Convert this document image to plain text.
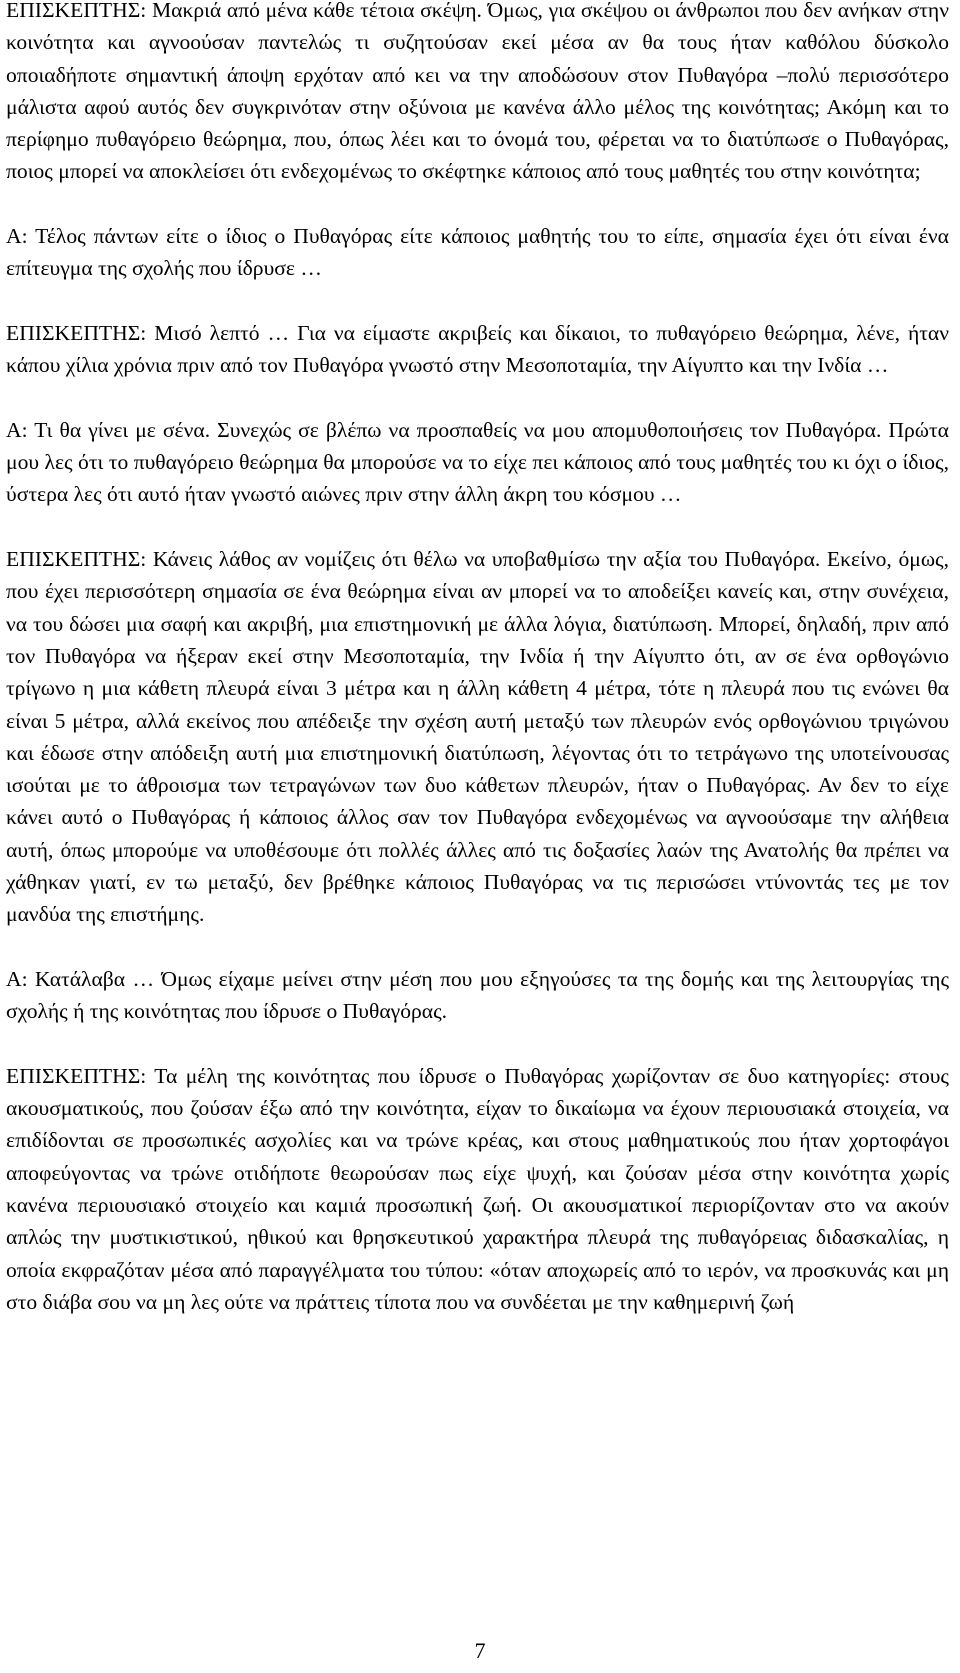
ΕΠΙΣΚΕΠΤΗΣ: Μακριά από μένα κάθε τέτοια σκέψη. Όμως, για σκέψου οι άνθρωποι που δεν ανήκαν στην κοινότητα και αγνοούσαν παντελώς τι συζητούσαν εκεί μέσα αν θα τους ήταν καθόλου δύσκολο οποιαδήποτε σημαντική άποψη ερχόταν από κει να την αποδώσουν στον Πυθαγόρα –πολύ περισσότερο μάλιστα αφού αυτός δεν συγκρινόταν στην οξύνοια με κανένα άλλο μέλος της κοινότητας; Ακόμη και το περίφημο πυθαγόρειο θεώρημα, που, όπως λέει και το όνομά του, φέρεται να το διατύπωσε ο Πυθαγόρας, ποιος μπορεί να αποκλείσει ότι ενδεχομένως το σκέφτηκε κάποιος από τους μαθητές του στην κοινότητα;

Α: Τέλος πάντων είτε ο ίδιος ο Πυθαγόρας είτε κάποιος μαθητής του το είπε, σημασία έχει ότι είναι ένα επίτευγμα της σχολής που ίδρυσε …

ΕΠΙΣΚΕΠΤΗΣ: Μισό λεπτό … Για να είμαστε ακριβείς και δίκαιοι, το πυθαγόρειο θεώρημα, λένε, ήταν κάπου χίλια χρόνια πριν από τον Πυθαγόρα γνωστό στην Μεσοποταμία, την Αίγυπτο και την Ινδία …

Α: Τι θα γίνει με σένα. Συνεχώς σε βλέπω να προσπαθείς να μου απομυθοποιήσεις τον Πυθαγόρα. Πρώτα μου λες ότι το πυθαγόρειο θεώρημα θα μπορούσε να το είχε πει κάποιος από τους μαθητές του κι όχι ο ίδιος, ύστερα λες ότι αυτό ήταν γνωστό αιώνες πριν στην άλλη άκρη του κόσμου …

ΕΠΙΣΚΕΠΤΗΣ: Κάνεις λάθος αν νομίζεις ότι θέλω να υποβαθμίσω την αξία του Πυθαγόρα. Εκείνο, όμως, που έχει περισσότερη σημασία σε ένα θεώρημα είναι αν μπορεί να το αποδείξει κανείς και, στην συνέχεια, να του δώσει μια σαφή και ακριβή, μια επιστημονική με άλλα λόγια, διατύπωση. Μπορεί, δηλαδή, πριν από τον Πυθαγόρα να ήξεραν εκεί στην Μεσοποταμία, την Ινδία ή την Αίγυπτο ότι, αν σε ένα ορθογώνιο τρίγωνο η μια κάθετη πλευρά είναι 3 μέτρα και η άλλη κάθετη 4 μέτρα, τότε η πλευρά που τις ενώνει θα είναι 5 μέτρα, αλλά εκείνος που απέδειξε την σχέση αυτή μεταξύ των πλευρών ενός ορθογώνιου τριγώνου και έδωσε στην απόδειξη αυτή μια επιστημονική διατύπωση, λέγοντας ότι το τετράγωνο της υποτείνουσας ισούται με το άθροισμα των τετραγώνων των δυο κάθετων πλευρών, ήταν ο Πυθαγόρας. Αν δεν το είχε κάνει αυτό ο Πυθαγόρας ή κάποιος άλλος σαν τον Πυθαγόρα ενδεχομένως να αγνοούσαμε την αλήθεια αυτή, όπως μπορούμε να υποθέσουμε ότι πολλές άλλες από τις δοξασίες λαών της Ανατολής θα πρέπει να χάθηκαν γιατί, εν τω μεταξύ, δεν βρέθηκε κάποιος Πυθαγόρας να τις περισώσει ντύνοντάς τες με τον μανδύα της επιστήμης.

Α: Κατάλαβα … Όμως είχαμε μείνει στην μέση που μου εξηγούσες τα της δομής και της λειτουργίας της σχολής ή της κοινότητας που ίδρυσε ο Πυθαγόρας.

ΕΠΙΣΚΕΠΤΗΣ: Τα μέλη της κοινότητας που ίδρυσε ο Πυθαγόρας χωρίζονταν σε δυο κατηγορίες: στους ακουσματικούς, που ζούσαν έξω από την κοινότητα, είχαν το δικαίωμα να έχουν περιουσιακά στοιχεία, να επιδίδονται σε προσωπικές ασχολίες και να τρώνε κρέας, και στους μαθηματικούς που ήταν χορτοφάγοι αποφεύγοντας να τρώνε οτιδήποτε θεωρούσαν πως είχε ψυχή, και ζούσαν μέσα στην κοινότητα χωρίς κανένα περιουσιακό στοιχείο και καμιά προσωπική ζωή. Οι ακουσματικοί περιορίζονταν στο να ακούν απλώς την μυστικιστικού, ηθικού και θρησκευτικού χαρακτήρα πλευρά της πυθαγόρειας διδασκαλίας, η οποία εκφραζόταν μέσα από παραγγέλματα του τύπου: «όταν αποχωρείς από το ιερόν, να προσκυνάς και μη στο διάβα σου να μη λες ούτε να πράττεις τίποτα που να συνδέεται με την καθημερινή ζωή

7
